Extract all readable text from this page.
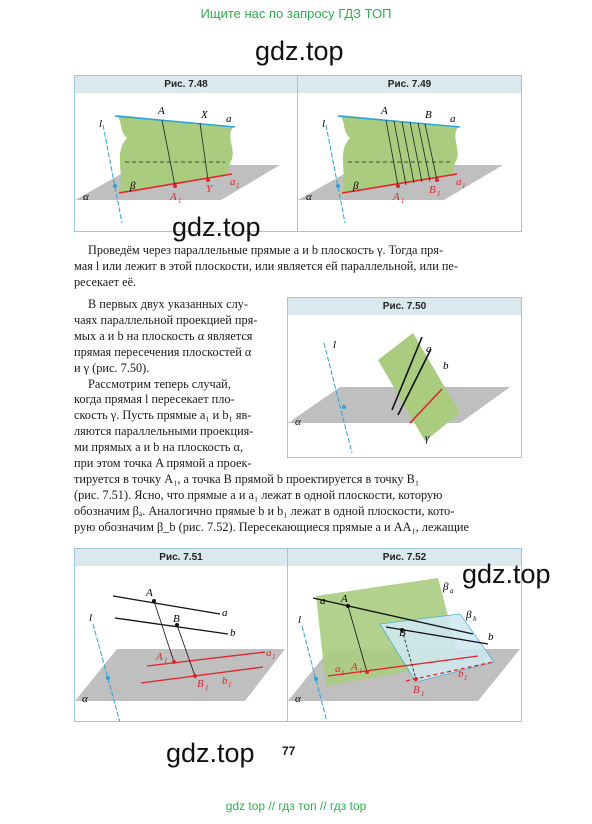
Ищите нас по запросу ГДЗ ТОП
gdz.top
Рис. 7.48
A	X a
l
β
A 1
Y
a 1
α
Рис. 7.49
A	B a
l
β
A 1
B 1
a 1
α
gdz.top
Проведём через параллельные прямые a и b плоскость γ. Тогда пря-
мая l или лежит в этой плоскости, или является ей параллельной, или пе-
ресекает её.
В первых двух указанных слу-
чаях параллельной проекцией пря-
мых a и b на плоскость α является
прямая пересечения плоскостей α
и γ (рис. 7.50).
Рассмотрим теперь случай,
когда прямая l пересекает пло-
скость γ. Пусть прямые a₁ и b₁ яв-
ляются параллельными проекция-
ми прямых a и b на плоскость α,
при этом точка A прямой a проек-
Рис. 7.50
l	a
b
α
γ
тируется в точку A₁, а точка B прямой b проектируется в точку B₁
(рис. 7.51). Ясно, что прямые a и a₁ лежат в одной плоскости, которую
обозначим βₐ. Аналогично прямые b и b₁ лежат в одной плоскости, кото-
рую обозначим β_b (рис. 7.52). Пересекающиеся прямые a и AA₁, лежащие
Рис. 7.51
l
A
a
B
b
A 1
a 1
B 1
b 1
α
Рис. 7.52
l
a A
β a
β b
B	b
a 1 A 1	b 1
B 1
α
gdz.top
gdz.top 77
gdz top // гдз топ // гдз top
